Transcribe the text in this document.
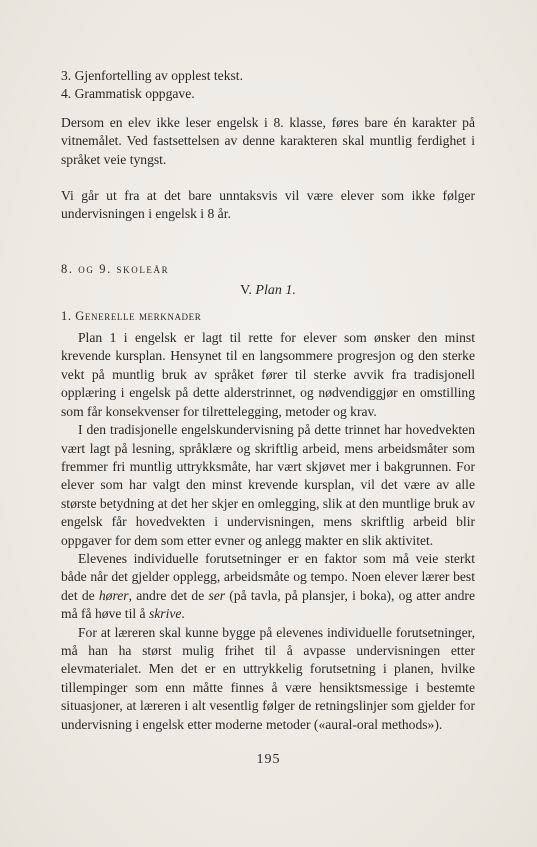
3. Gjenfortelling av opplest tekst.

4. Grammatisk oppgave.

Dersom en elev ikke leser engelsk i 8. klasse, føres bare én karakter på vitnemålet. Ved fastsettelsen av denne karakteren skal muntlig ferdighet i språket veie tyngst.

Vi går ut fra at det bare unntaksvis vil være elever som ikke følger undervisningen i engelsk i 8 år.

8. og 9. skoleår

V. Plan 1.

1. Generelle merknader

Plan 1 i engelsk er lagt til rette for elever som ønsker den minst krevende kursplan. Hensynet til en langsommere progresjon og den sterke vekt på muntlig bruk av språket fører til sterke avvik fra tradisjonell opplæring i engelsk på dette alderstrinnet, og nødvendiggjør en omstilling som får konsekvenser for tilrettelegging, metoder og krav.

I den tradisjonelle engelskundervisning på dette trinnet har hovedvekten vært lagt på lesning, språklære og skriftlig arbeid, mens arbeidsmåter som fremmer fri muntlig uttrykksmåte, har vært skjøvet mer i bakgrunnen. For elever som har valgt den minst krevende kursplan, vil det være av alle største betydning at det her skjer en omlegging, slik at den muntlige bruk av engelsk får hovedvekten i undervisningen, mens skriftlig arbeid blir oppgaver for dem som etter evner og anlegg makter en slik aktivitet.

Elevenes individuelle forutsetninger er en faktor som må veie sterkt både når det gjelder opplegg, arbeidsmåte og tempo. Noen elever lærer best det de hører, andre det de ser (på tavla, på plansjer, i boka), og atter andre må få høve til å skrive.

For at læreren skal kunne bygge på elevenes individuelle forutsetninger, må han ha størst mulig frihet til å avpasse undervisningen etter elevmaterialet. Men det er en uttrykkelig forutsetning i planen, hvilke tillempinger som enn måtte finnes å være hensiktsmessige i bestemte situasjoner, at læreren i alt vesentlig følger de retningslinjer som gjelder for undervisning i engelsk etter moderne metoder («aural-oral methods»).

195
